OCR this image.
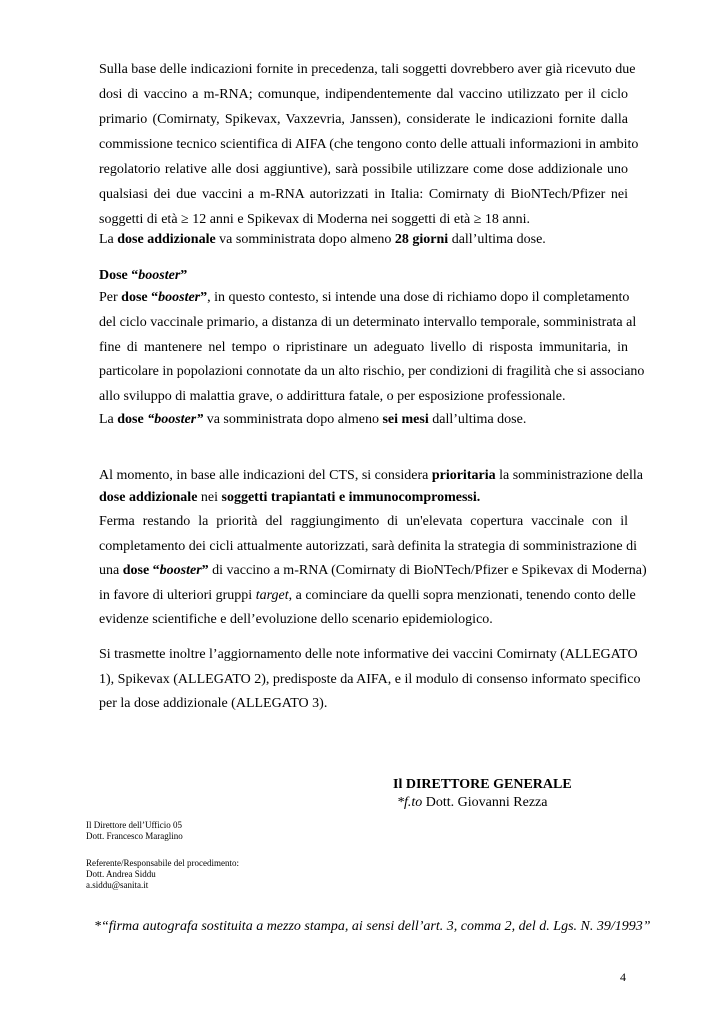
Sulla base delle indicazioni fornite in precedenza, tali soggetti dovrebbero aver già ricevuto due
dosi di vaccino a m-RNA; comunque, indipendentemente dal vaccino utilizzato per il ciclo
primario (Comirnaty, Spikevax, Vaxzevria, Janssen), considerate le indicazioni fornite dalla
commissione tecnico scientifica di AIFA (che tengono conto delle attuali informazioni in ambito
regolatorio relative alle dosi aggiuntive), sarà possibile utilizzare come dose addizionale uno
qualsiasi dei due vaccini a m-RNA autorizzati in Italia: Comirnaty di BioNTech/Pfizer nei
soggetti di età ≥ 12 anni e Spikevax di Moderna nei soggetti di età ≥ 18 anni.
La dose addizionale va somministrata dopo almeno 28 giorni dall’ultima dose.
Dose “booster”
Per dose “booster”, in questo contesto, si intende una dose di richiamo dopo il completamento
del ciclo vaccinale primario, a distanza di un determinato intervallo temporale, somministrata al
fine di mantenere nel tempo o ripristinare un adeguato livello di risposta immunitaria, in
particolare in popolazioni connotate da un alto rischio, per condizioni di fragilità che si associano
allo sviluppo di malattia grave, o addirittura fatale, o per esposizione professionale.
La dose “booster” va somministrata dopo almeno sei mesi dall’ultima dose.
Al momento, in base alle indicazioni del CTS, si considera prioritaria la somministrazione della
dose addizionale nei soggetti trapiantati e immunocompromessi.
Ferma restando la priorità del raggiungimento di un'elevata copertura vaccinale con il
completamento dei cicli attualmente autorizzati, sarà definita la strategia di somministrazione di
una dose “booster” di vaccino a m-RNA (Comirnaty di BioNTech/Pfizer e Spikevax di Moderna)
in favore di ulteriori gruppi target, a cominciare da quelli sopra menzionati, tenendo conto delle
evidenze scientifiche e dell’evoluzione dello scenario epidemiologico.
Si trasmette inoltre l’aggiornamento delle note informative dei vaccini Comirnaty (ALLEGATO
1), Spikevax (ALLEGATO 2), predisposte da AIFA, e il modulo di consenso informato specifico
per la dose addizionale (ALLEGATO 3).
Il DIRETTORE GENERALE
*f.to Dott. Giovanni Rezza
Il Direttore dell’Ufficio 05
Dott. Francesco Maraglino
Referente/Responsabile del procedimento:
Dott. Andrea Siddu
a.siddu@sanita.it
*“firma autografa sostituita a mezzo stampa, ai sensi dell’art. 3, comma 2, del d. Lgs. N. 39/1993”
4
